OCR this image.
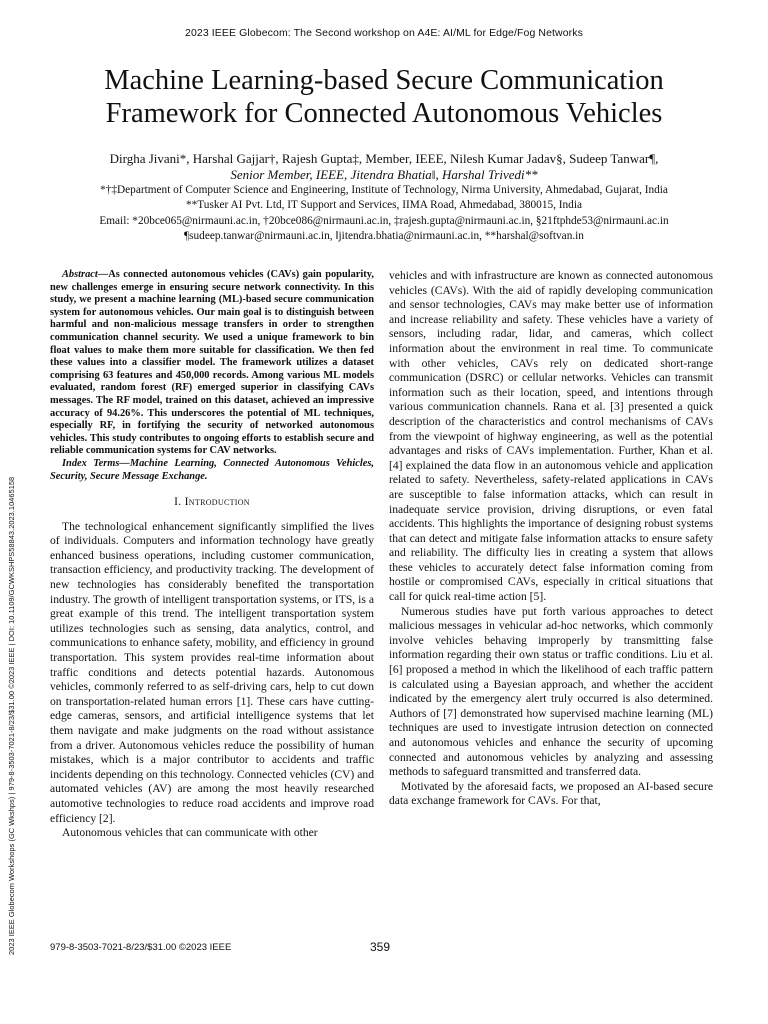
2023 IEEE Globecom: The Second workshop on A4E: AI/ML for Edge/Fog Networks
Machine Learning-based Secure Communication
Framework for Connected Autonomous Vehicles
Dirgha Jivani*, Harshal Gajjar†, Rajesh Gupta‡, Member, IEEE, Nilesh Kumar Jadav§, Sudeep Tanwar¶,
Senior Member, IEEE, Jitendra Bhatia‖, Harshal Trivedi**
*†‡Department of Computer Science and Engineering, Institute of Technology, Nirma University, Ahmedabad, Gujarat, India
**Tusker AI Pvt. Ltd, IT Support and Services, IIMA Road, Ahmedabad, 380015, India
Email: *20bce065@nirmauni.ac.in, †20bce086@nirmauni.ac.in, ‡rajesh.gupta@nirmauni.ac.in, §21ftphde53@nirmauni.ac.in
¶sudeep.tanwar@nirmauni.ac.in, ‖jitendra.bhatia@nirmauni.ac.in, **harshal@softvan.in
2023 IEEE Globecom Workshops (GC Wkshps) | 979-8-3503-7021-8/23/$31.00 ©2023 IEEE | DOI: 10.1109/GCWKSHPS58843.2023.10465158

Abstract—As connected autonomous vehicles (CAVs) gain popularity, new challenges emerge in ensuring secure network connectivity. In this study, we present a machine learning (ML)-based secure communication system for autonomous vehicles. Our main goal is to distinguish between harmful and non-malicious message transfers in order to strengthen communication channel security. We used a unique framework to bin float values to make them more suitable for classification. We then fed these values into a classifier model. The framework utilizes a dataset comprising 63 features and 450,000 records. Among various ML models evaluated, random forest (RF) emerged superior in classifying CAVs messages. The RF model, trained on this dataset, achieved an impressive accuracy of 94.26%. This underscores the potential of ML techniques, especially RF, in fortifying the security of networked autonomous vehicles. This study contributes to ongoing efforts to establish secure and reliable communication systems for CAV networks.

Index Terms—Machine Learning, Connected Autonomous Vehicles, Security, Secure Message Exchange.

I. Introduction

The technological enhancement significantly simplified the lives of individuals. Computers and information technology have greatly enhanced business operations, including customer communication, transaction efficiency, and productivity tracking. The development of new technologies has considerably benefited the transportation industry. The growth of intelligent transportation systems, or ITS, is a great example of this trend. The intelligent transportation system utilizes technologies such as sensing, data analytics, control, and communications to enhance safety, mobility, and efficiency in ground transportation. This system provides real-time information about traffic conditions and detects potential hazards. Autonomous vehicles, commonly referred to as self-driving cars, help to cut down on transportation-related human errors [1]. These cars have cutting-edge cameras, sensors, and artificial intelligence systems that let them navigate and make judgments on the road without assistance from a driver. Autonomous vehicles reduce the possibility of human mistakes, which is a major contributor to accidents and traffic incidents depending on this technology. Connected vehicles (CV) and automated vehicles (AV) are among the most heavily researched automotive technologies to reduce road accidents and improve road efficiency [2].

Autonomous vehicles that can communicate with other

vehicles and with infrastructure are known as connected autonomous vehicles (CAVs). With the aid of rapidly developing communication and sensor technologies, CAVs may make better use of information and increase reliability and safety. These vehicles have a variety of sensors, including radar, lidar, and cameras, which collect information about the environment in real time. To communicate with other vehicles, CAVs rely on dedicated short-range communication (DSRC) or cellular networks. Vehicles can transmit information such as their location, speed, and intentions through various communication channels. Rana et al. [3] presented a quick description of the characteristics and control mechanisms of CAVs from the viewpoint of highway engineering, as well as the potential advantages and risks of CAVs implementation. Further, Khan et al. [4] explained the data flow in an autonomous vehicle and application related to safety. Nevertheless, safety-related applications in CAVs are susceptible to false information attacks, which can result in inadequate service provision, driving disruptions, or even fatal accidents. This highlights the importance of designing robust systems that can detect and mitigate false information attacks to ensure safety and reliability. The difficulty lies in creating a system that allows these vehicles to accurately detect false information coming from hostile or compromised CAVs, especially in critical situations that call for quick real-time action [5].

Numerous studies have put forth various approaches to detect malicious messages in vehicular ad-hoc networks, which commonly involve vehicles behaving improperly by transmitting false information regarding their own status or traffic conditions. Liu et al. [6] proposed a method in which the likelihood of each traffic pattern is calculated using a Bayesian approach, and whether the accident indicated by the emergency alert truly occurred is also determined. Authors of [7] demonstrated how supervised machine learning (ML) techniques are used to investigate intrusion detection on connected and autonomous vehicles and enhance the security of upcoming connected and autonomous vehicles by analyzing and assessing methods to safeguard transmitted and transferred data.

Motivated by the aforesaid facts, we proposed an AI-based secure data exchange framework for CAVs. For that,

979-8-3503-7021-8/23/$31.00 ©2023 IEEE	359
